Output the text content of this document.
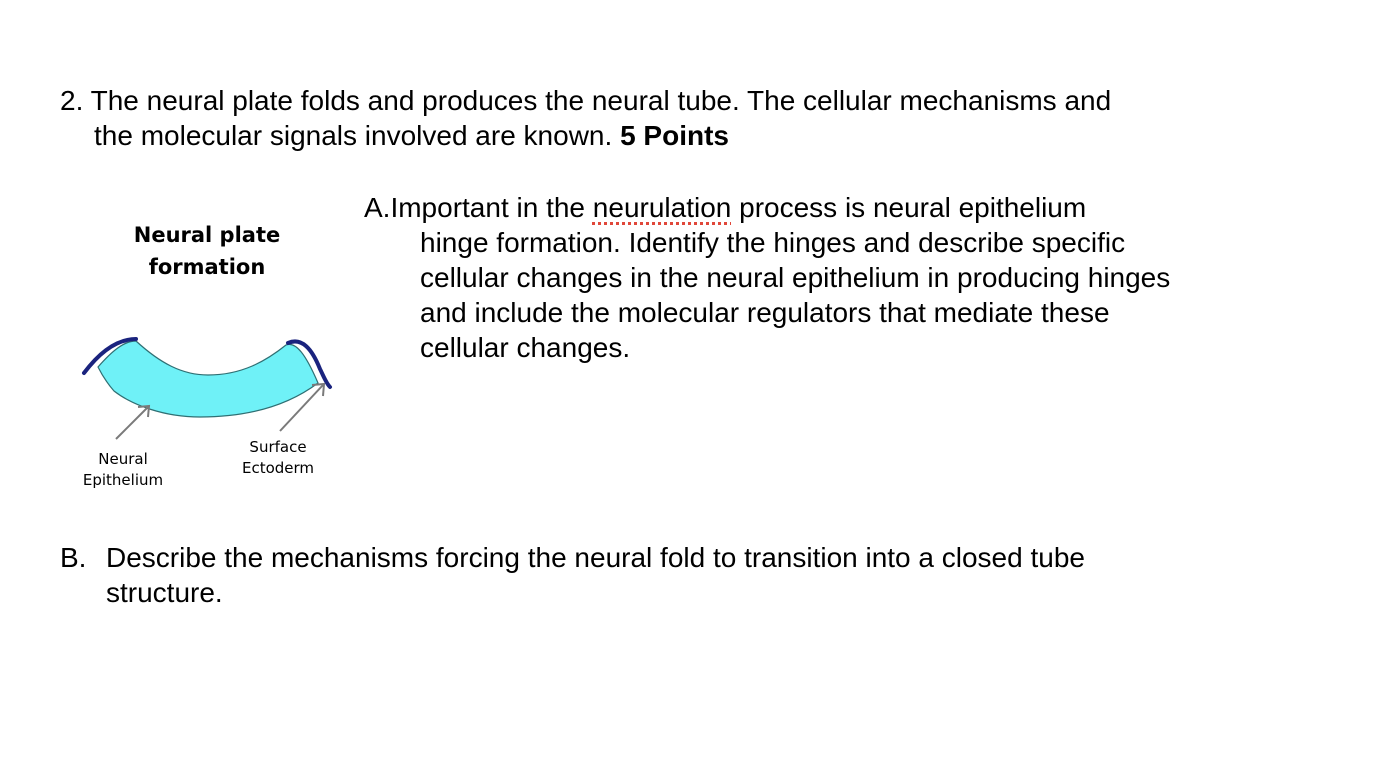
2. The neural plate folds and produces the neural tube. The cellular mechanisms and
the molecular signals involved are known. 5 Points
Neural plate
formation
Neural
Epithelium
Surface
Ectoderm
A.Important in the neurulation process is neural epithelium
hinge formation. Identify the hinges and describe specific
cellular changes in the neural epithelium in producing hinges
and include the molecular regulators that mediate these
cellular changes.
B. Describe the mechanisms forcing the neural fold to transition into a closed tube
structure.
